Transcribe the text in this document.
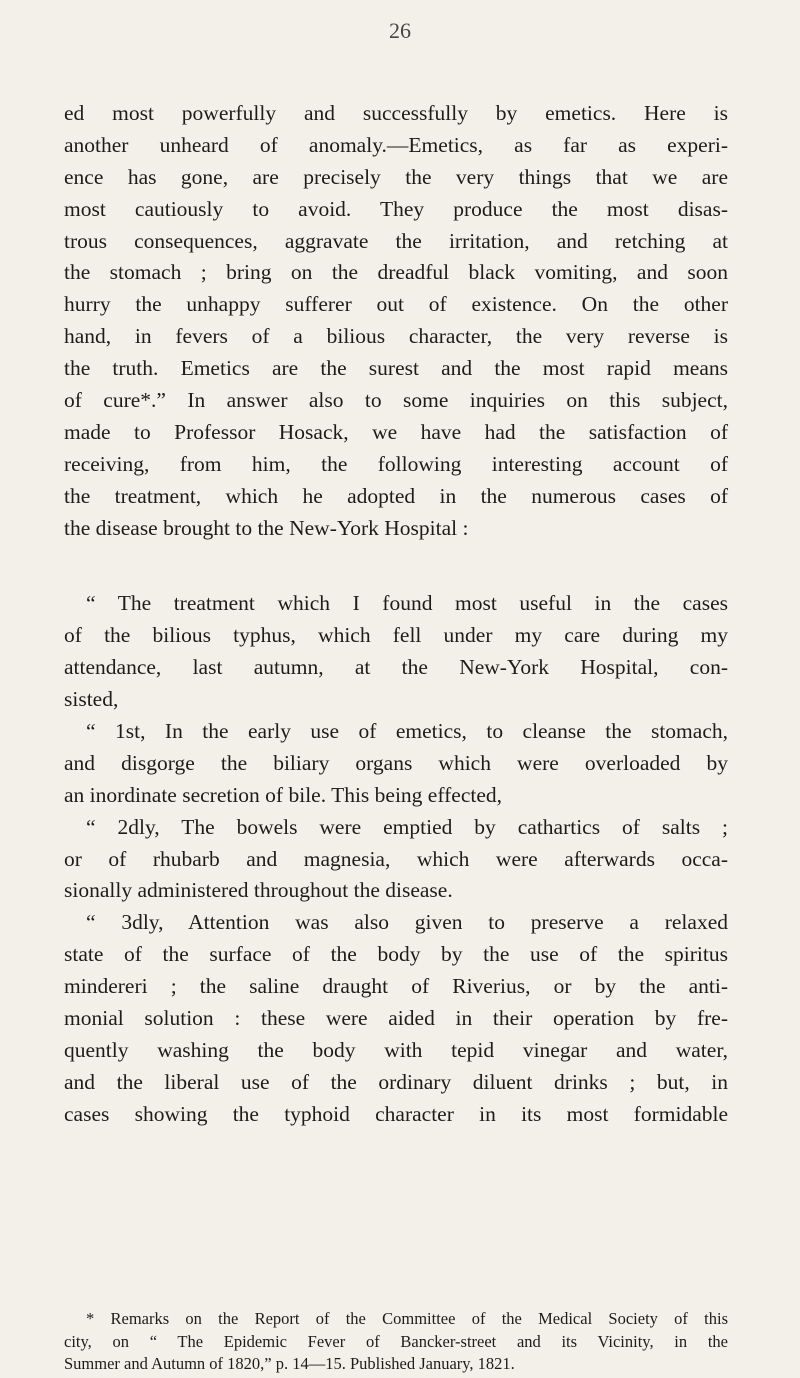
26
ed most powerfully and successfully by emetics. Here is
another unheard of anomaly.—Emetics, as far as experi-
ence has gone, are precisely the very things that we are
most cautiously to avoid. They produce the most disas-
trous consequences, aggravate the irritation, and retching at
the stomach ; bring on the dreadful black vomiting, and soon
hurry the unhappy sufferer out of existence. On the other
hand, in fevers of a bilious character, the very reverse is
the truth. Emetics are the surest and the most rapid means
of cure*.” In answer also to some inquiries on this subject,
made to Professor Hosack, we have had the satisfaction of
receiving, from him, the following interesting account of
the treatment, which he adopted in the numerous cases of
the disease brought to the New-York Hospital :
“ The treatment which I found most useful in the cases
of the bilious typhus, which fell under my care during my
attendance, last autumn, at the New-York Hospital, con-
sisted,
“ 1st, In the early use of emetics, to cleanse the stomach,
and disgorge the biliary organs which were overloaded by
an inordinate secretion of bile. This being effected,
“ 2dly, The bowels were emptied by cathartics of salts ;
or of rhubarb and magnesia, which were afterwards occa-
sionally administered throughout the disease.
“ 3dly, Attention was also given to preserve a relaxed
state of the surface of the body by the use of the spiritus
mindereri ; the saline draught of Riverius, or by the anti-
monial solution : these were aided in their operation by fre-
quently washing the body with tepid vinegar and water,
and the liberal use of the ordinary diluent drinks ; but, in
cases showing the typhoid character in its most formidable
* Remarks on the Report of the Committee of the Medical Society of this
city, on “ The Epidemic Fever of Bancker-street and its Vicinity, in the
Summer and Autumn of 1820,” p. 14—15. Published January, 1821.
